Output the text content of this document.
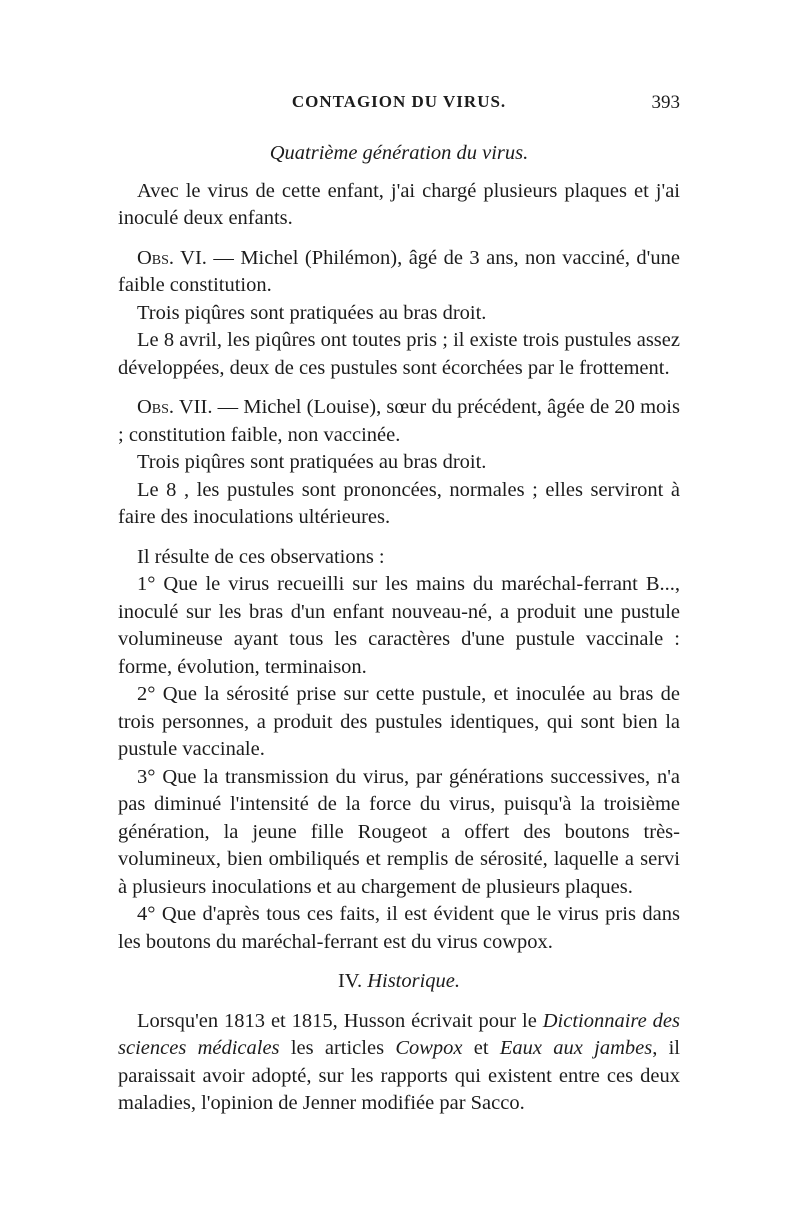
CONTAGION DU VIRUS.	393

Quatrième génération du virus.

Avec le virus de cette enfant, j'ai chargé plusieurs plaques et j'ai inoculé deux enfants.

Obs. VI. — Michel (Philémon), âgé de 3 ans, non vacciné, d'une faible constitution.

Trois piqûres sont pratiquées au bras droit.

Le 8 avril, les piqûres ont toutes pris ; il existe trois pustules assez développées, deux de ces pustules sont écorchées par le frottement.

Obs. VII. — Michel (Louise), sœur du précédent, âgée de 20 mois ; constitution faible, non vaccinée.

Trois piqûres sont pratiquées au bras droit.

Le 8 , les pustules sont prononcées, normales ; elles serviront à faire des inoculations ultérieures.

Il résulte de ces observations :

1° Que le virus recueilli sur les mains du maréchal-ferrant B..., inoculé sur les bras d'un enfant nouveau-né, a produit une pustule volumineuse ayant tous les caractères d'une pustule vaccinale : forme, évolution, terminaison.

2° Que la sérosité prise sur cette pustule, et inoculée au bras de trois personnes, a produit des pustules identiques, qui sont bien la pustule vaccinale.

3° Que la transmission du virus, par générations successives, n'a pas diminué l'intensité de la force du virus, puisqu'à la troisième génération, la jeune fille Rougeot a offert des boutons très-volumineux, bien ombiliqués et remplis de sérosité, laquelle a servi à plusieurs inoculations et au chargement de plusieurs plaques.

4° Que d'après tous ces faits, il est évident que le virus pris dans les boutons du maréchal-ferrant est du virus cowpox.

IV. Historique.

Lorsqu'en 1813 et 1815, Husson écrivait pour le Dictionnaire des sciences médicales les articles Cowpox et Eaux aux jambes, il paraissait avoir adopté, sur les rapports qui existent entre ces deux maladies, l'opinion de Jenner modifiée par Sacco.
